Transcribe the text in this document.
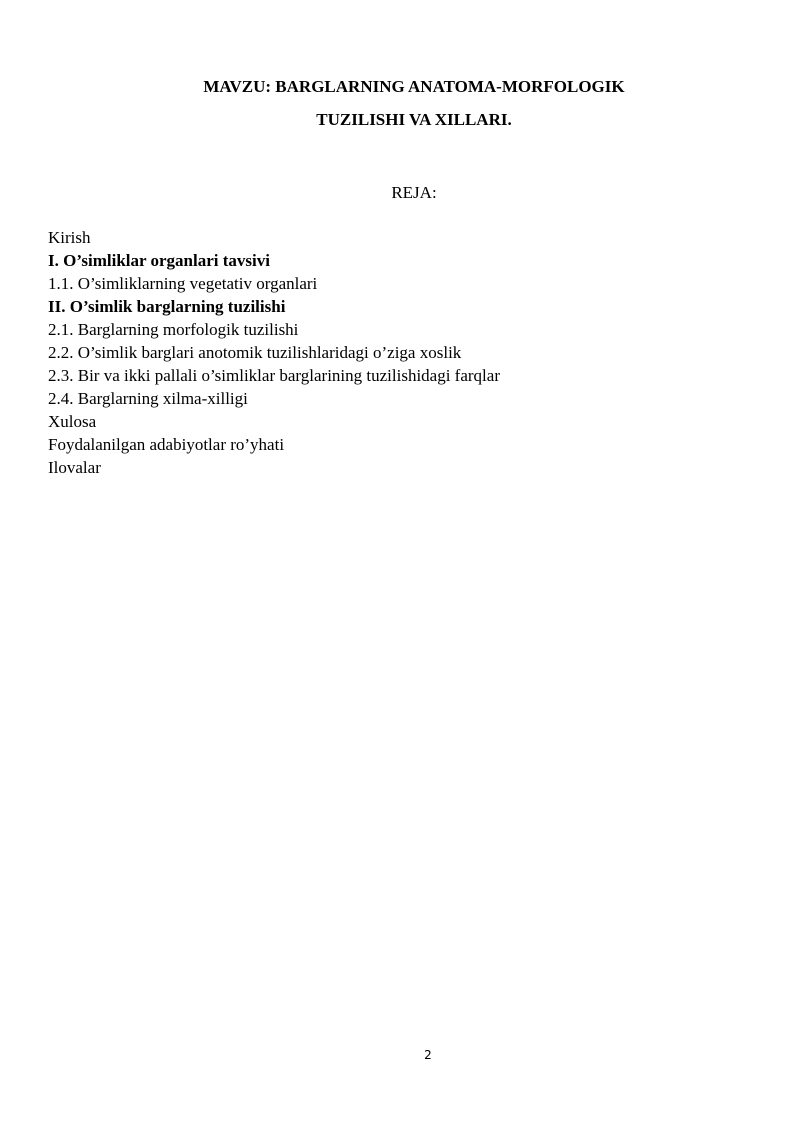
MAVZU: BARGLARNING ANATOMA-MORFOLOGIK
TUZILISHI VA XILLARI.
REJA:
Kirish
I. O’simliklar organlari tavsivi
1.1. O’simliklarning vegetativ organlari
II. O’simlik barglarning tuzilishi
2.1. Barglarning morfologik tuzilishi
2.2. O’simlik barglari anotomik tuzilishlaridagi o’ziga xoslik
2.3. Bir va ikki pallali o’simliklar barglarining tuzilishidagi farqlar
2.4. Barglarning xilma-xilligi
Xulosa
Foydalanilgan adabiyotlar ro’yhati
Ilovalar
2
